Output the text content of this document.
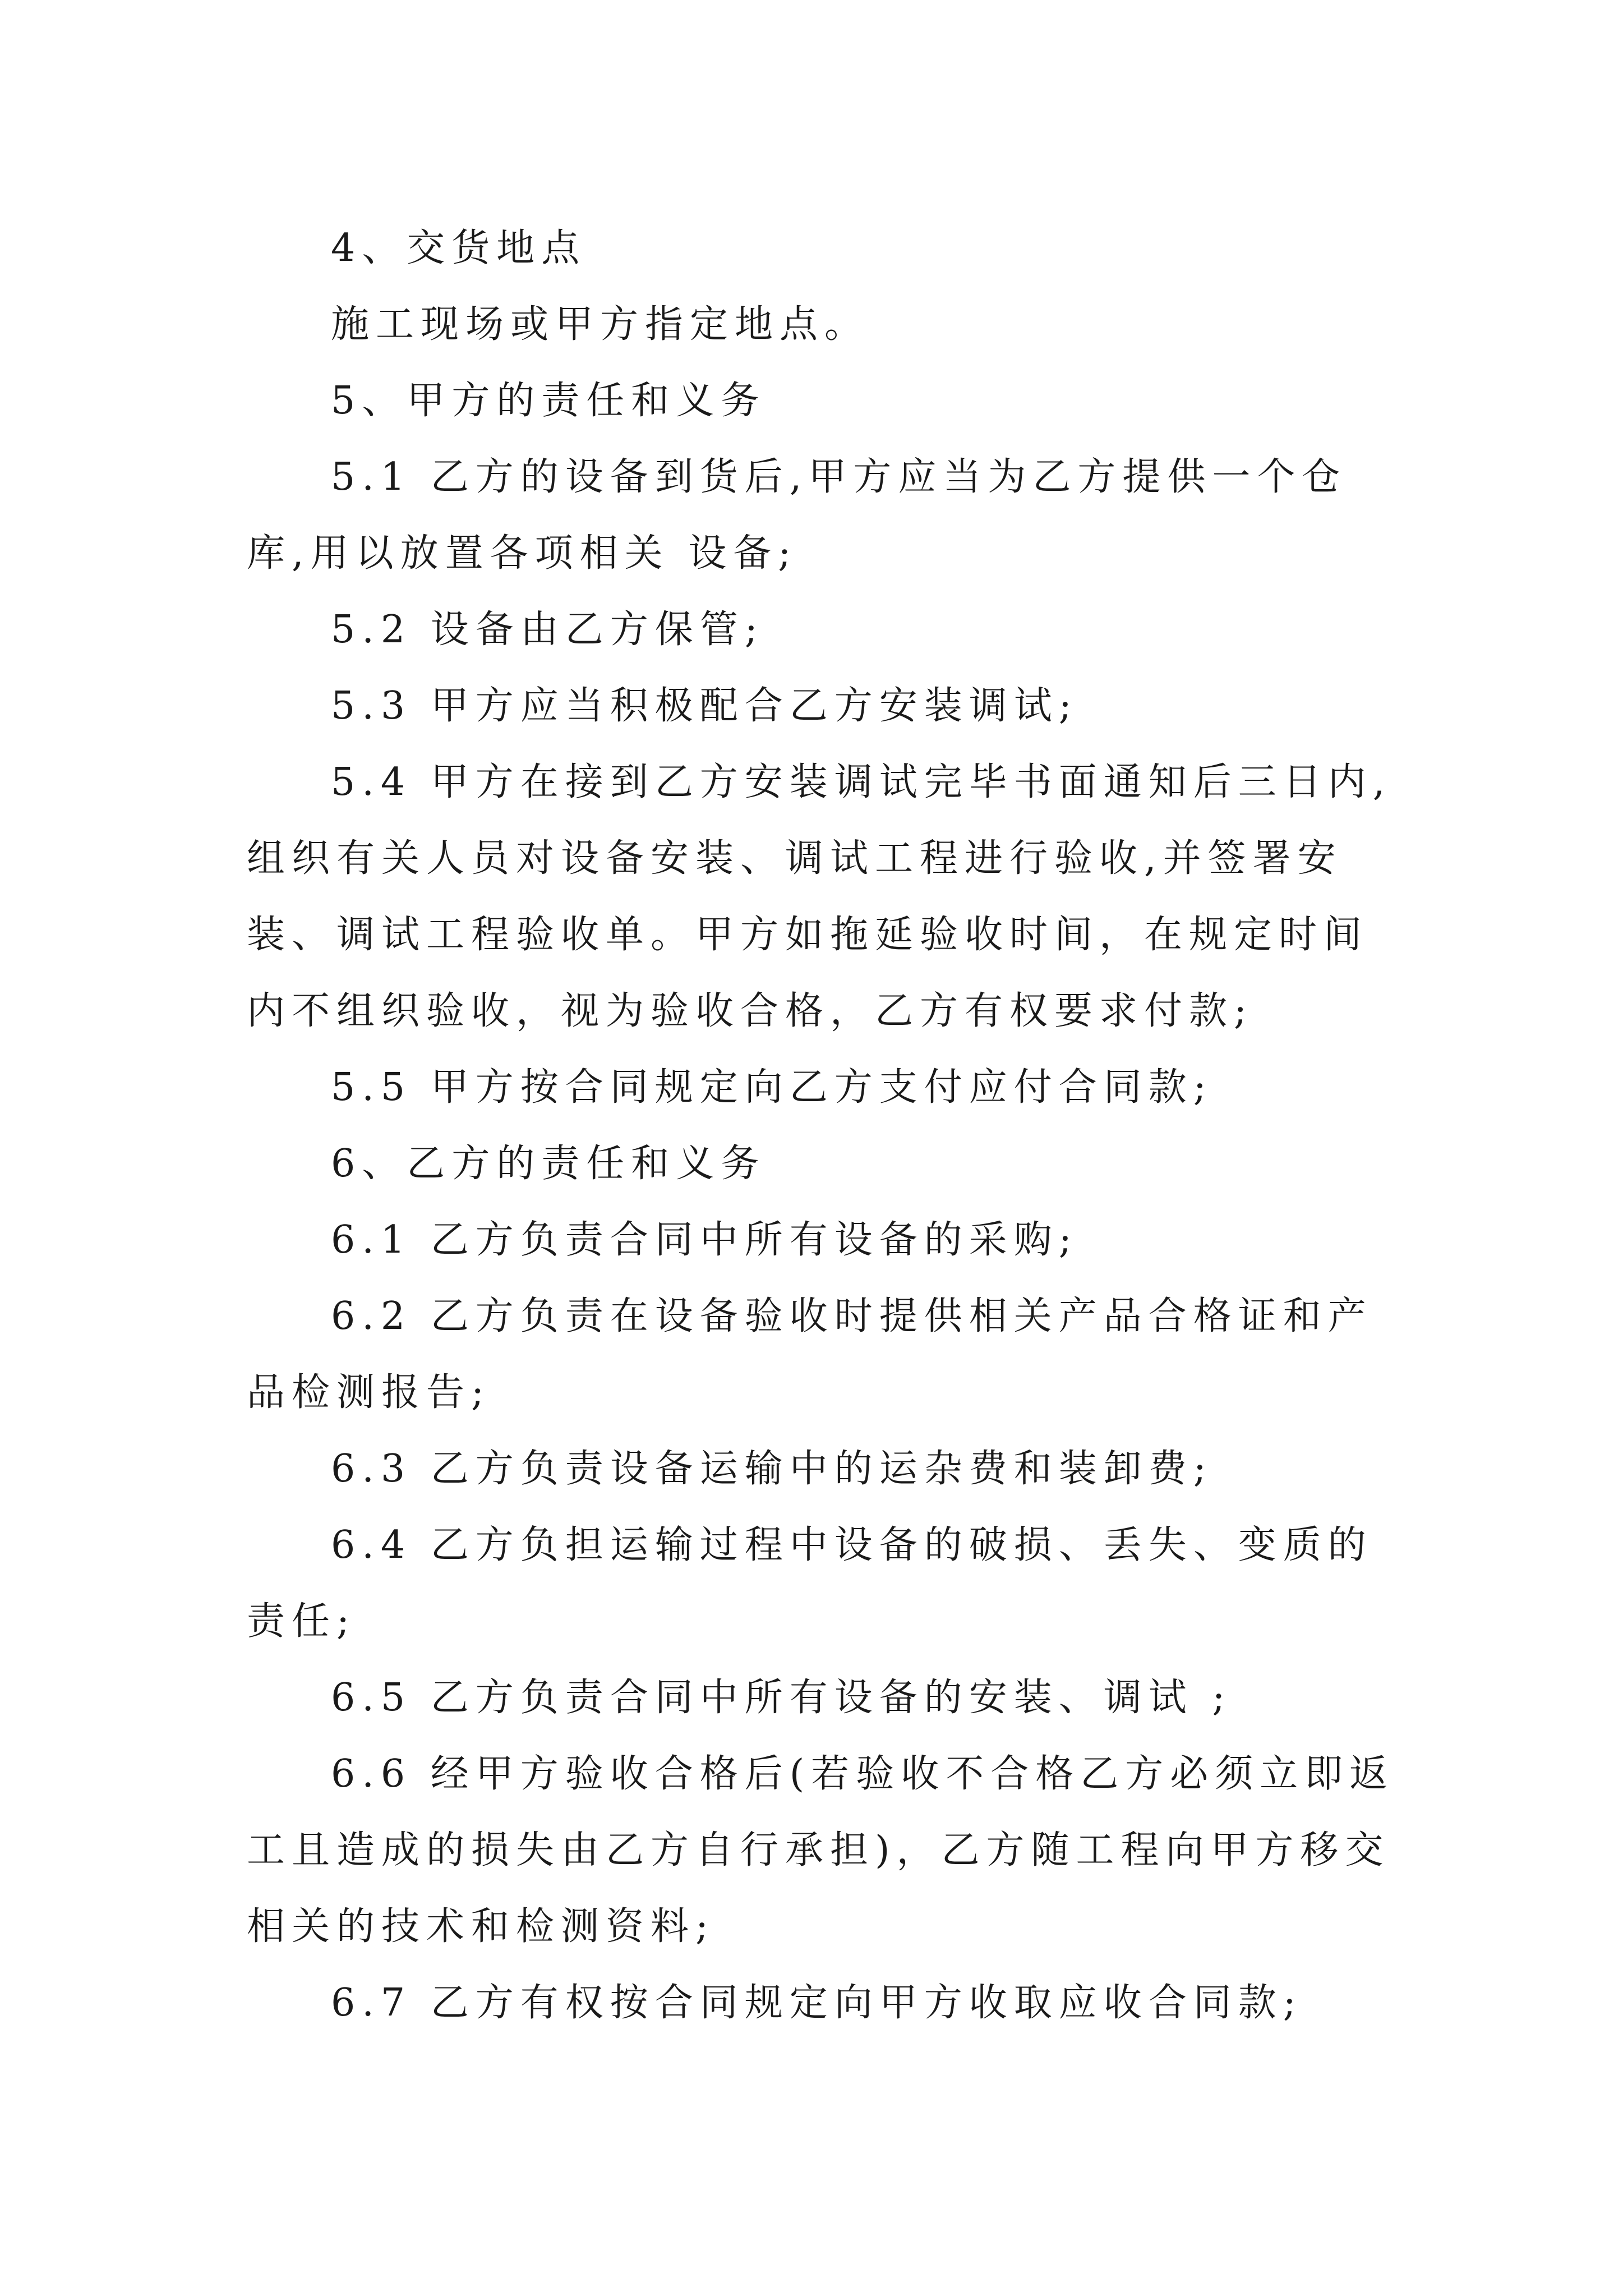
4、交货地点

施工现场或甲方指定地点。

5、甲方的责任和义务

5.1 乙方的设备到货后,甲方应当为乙方提供一个仓库,用以放置各项相关 设备;

5.2 设备由乙方保管;

5.3 甲方应当积极配合乙方安装调试;

5.4 甲方在接到乙方安装调试完毕书面通知后三日内,组织有关人员对设备安装、调试工程进行验收,并签署安装、调试工程验收单。甲方如拖延验收时间，在规定时间内不组织验收，视为验收合格，乙方有权要求付款;

5.5 甲方按合同规定向乙方支付应付合同款;

6、乙方的责任和义务

6.1 乙方负责合同中所有设备的采购;

6.2 乙方负责在设备验收时提供相关产品合格证和产品检测报告;

6.3 乙方负责设备运输中的运杂费和装卸费;

6.4 乙方负担运输过程中设备的破损、丢失、变质的责任;

6.5 乙方负责合同中所有设备的安装、调试 ;

6.6 经甲方验收合格后(若验收不合格乙方必须立即返工且造成的损失由乙方自行承担)，乙方随工程向甲方移交相关的技术和检测资料;

6.7 乙方有权按合同规定向甲方收取应收合同款;
